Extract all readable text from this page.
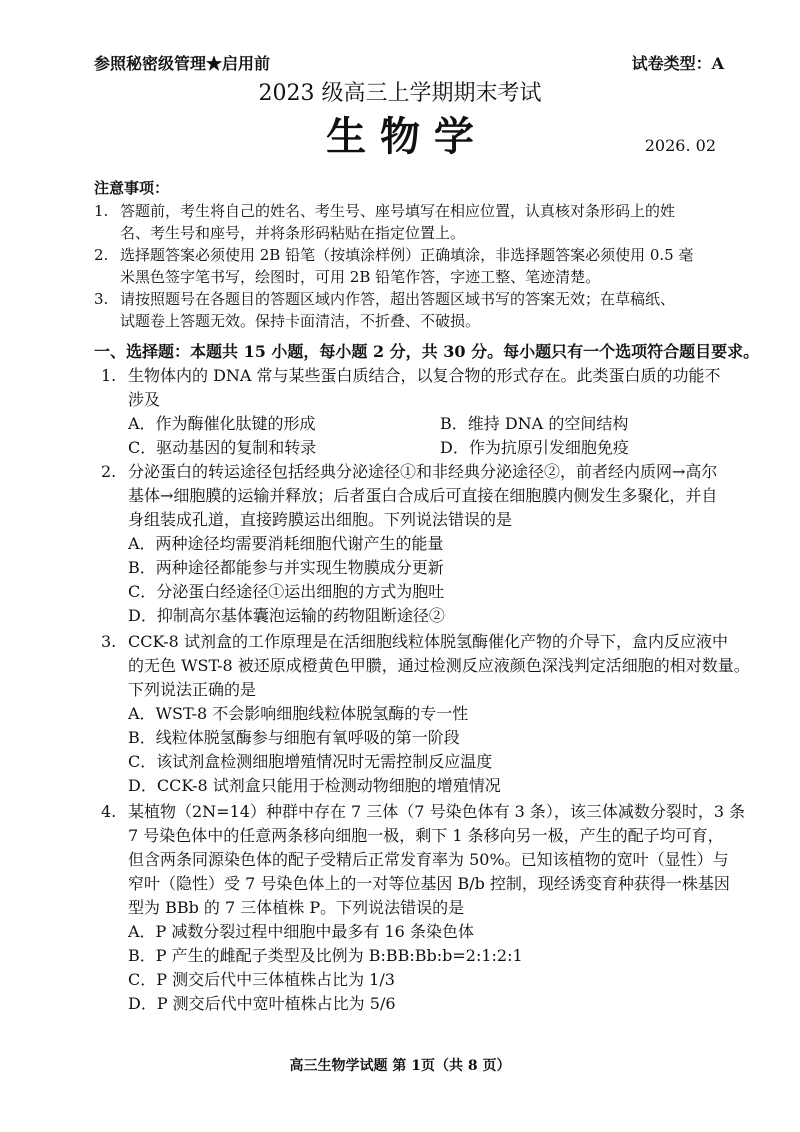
参照秘密级管理★启用前	试卷类型：A
2023 级高三上学期期末考试
生 物 学	2026. 02
注意事项：
1. 答题前，考生将自己的姓名、考生号、座号填写在相应位置，认真核对条形码上的姓
名、考生号和座号，并将条形码粘贴在指定位置上。
2. 选择题答案必须使用 2B 铅笔（按填涂样例）正确填涂，非选择题答案必须使用 0.5 毫
米黑色签字笔书写，绘图时，可用 2B 铅笔作答，字迹工整、笔迹清楚。
3. 请按照题号在各题目的答题区域内作答，超出答题区域书写的答案无效；在草稿纸、
试题卷上答题无效。保持卡面清洁，不折叠、不破损。
一、选择题：本题共 15 小题，每小题 2 分，共 30 分。每小题只有一个选项符合题目要求。
1. 生物体内的 DNA 常与某些蛋白质结合，以复合物的形式存在。此类蛋白质的功能不
涉及
A．作为酶催化肽键的形成	B．维持 DNA 的空间结构
C．驱动基因的复制和转录	D．作为抗原引发细胞免疫
2. 分泌蛋白的转运途径包括经典分泌途径①和非经典分泌途径②，前者经内质网→高尔
基体→细胞膜的运输并释放；后者蛋白合成后可直接在细胞膜内侧发生多聚化，并自
身组装成孔道，直接跨膜运出细胞。下列说法错误的是
A．两种途径均需要消耗细胞代谢产生的能量
B．两种途径都能参与并实现生物膜成分更新
C．分泌蛋白经途径①运出细胞的方式为胞吐
D．抑制高尔基体囊泡运输的药物阻断途径②
3. CCK-8 试剂盒的工作原理是在活细胞线粒体脱氢酶催化产物的介导下，盒内反应液中
的无色 WST-8 被还原成橙黄色甲臜，通过检测反应液颜色深浅判定活细胞的相对数量。
下列说法正确的是
A．WST-8 不会影响细胞线粒体脱氢酶的专一性
B．线粒体脱氢酶参与细胞有氧呼吸的第一阶段
C．该试剂盒检测细胞增殖情况时无需控制反应温度
D．CCK-8 试剂盒只能用于检测动物细胞的增殖情况
4. 某植物（2N=14）种群中存在 7 三体（7 号染色体有 3 条），该三体减数分裂时，3 条
7 号染色体中的任意两条移向细胞一极，剩下 1 条移向另一极，产生的配子均可育，
但含两条同源染色体的配子受精后正常发育率为 50%。已知该植物的宽叶（显性）与
窄叶（隐性）受 7 号染色体上的一对等位基因 B/b 控制，现经诱变育种获得一株基因
型为 BBb 的 7 三体植株 P。下列说法错误的是
A．P 减数分裂过程中细胞中最多有 16 条染色体
B．P 产生的雌配子类型及比例为 B:BB:Bb:b=2:1:2:1
C．P 测交后代中三体植株占比为 1/3
D．P 测交后代中宽叶植株占比为 5/6
高三生物学试题 第 1页（共 8 页）
